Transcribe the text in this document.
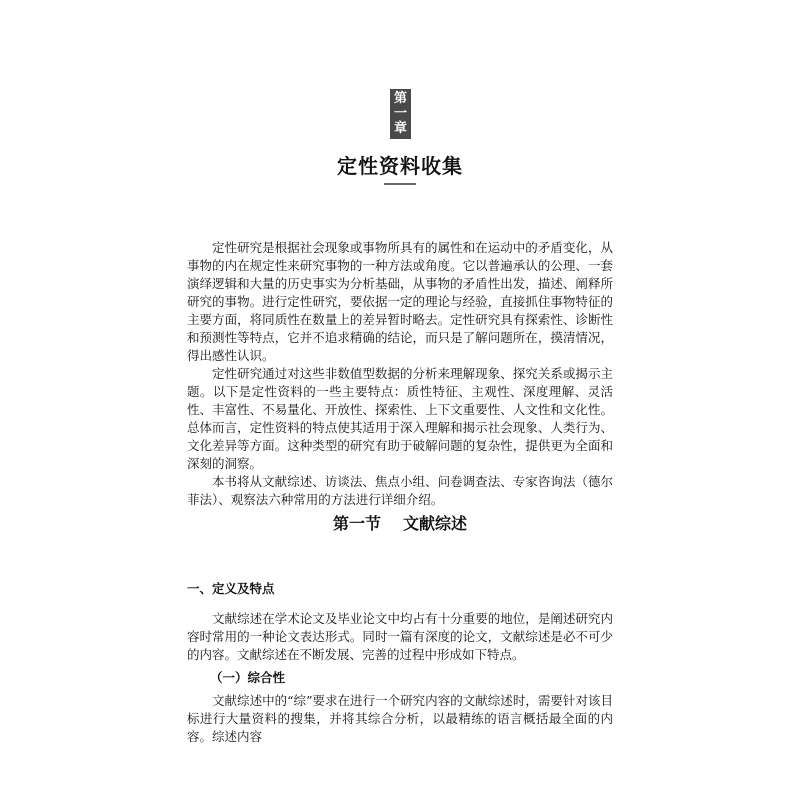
第
一
章
定性资料收集

定性研究是根据社会现象或事物所具有的属性和在运动中的矛盾变化，从事物的内在规定性来研究事物的一种方法或角度。它以普遍承认的公理、一套演绎逻辑和大量的历史事实为分析基础，从事物的矛盾性出发，描述、阐释所研究的事物。进行定性研究，要依据一定的理论与经验，直接抓住事物特征的主要方面，将同质性在数量上的差异暂时略去。定性研究具有探索性、诊断性和预测性等特点，它并不追求精确的结论，而只是了解问题所在，摸清情况，得出感性认识。

定性研究通过对这些非数值型数据的分析来理解现象、探究关系或揭示主题。以下是定性资料的一些主要特点：质性特征、主观性、深度理解、灵活性、丰富性、不易量化、开放性、探索性、上下文重要性、人文性和文化性。总体而言，定性资料的特点使其适用于深入理解和揭示社会现象、人类行为、文化差异等方面。这种类型的研究有助于破解问题的复杂性，提供更为全面和深刻的洞察。

本书将从文献综述、访谈法、焦点小组、问卷调查法、专家咨询法（德尔菲法）、观察法六种常用的方法进行详细介绍。

第一节 文献综述
一、定义及特点

文献综述在学术论文及毕业论文中均占有十分重要的地位，是阐述研究内容时常用的一种论文表达形式。同时一篇有深度的论文，文献综述是必不可少的内容。文献综述在不断发展、完善的过程中形成如下特点。

（一）综合性

文献综述中的“综”要求在进行一个研究内容的文献综述时，需要针对该目标进行大量资料的搜集，并将其综合分析，以最精练的语言概括最全面的内容。综述内容
